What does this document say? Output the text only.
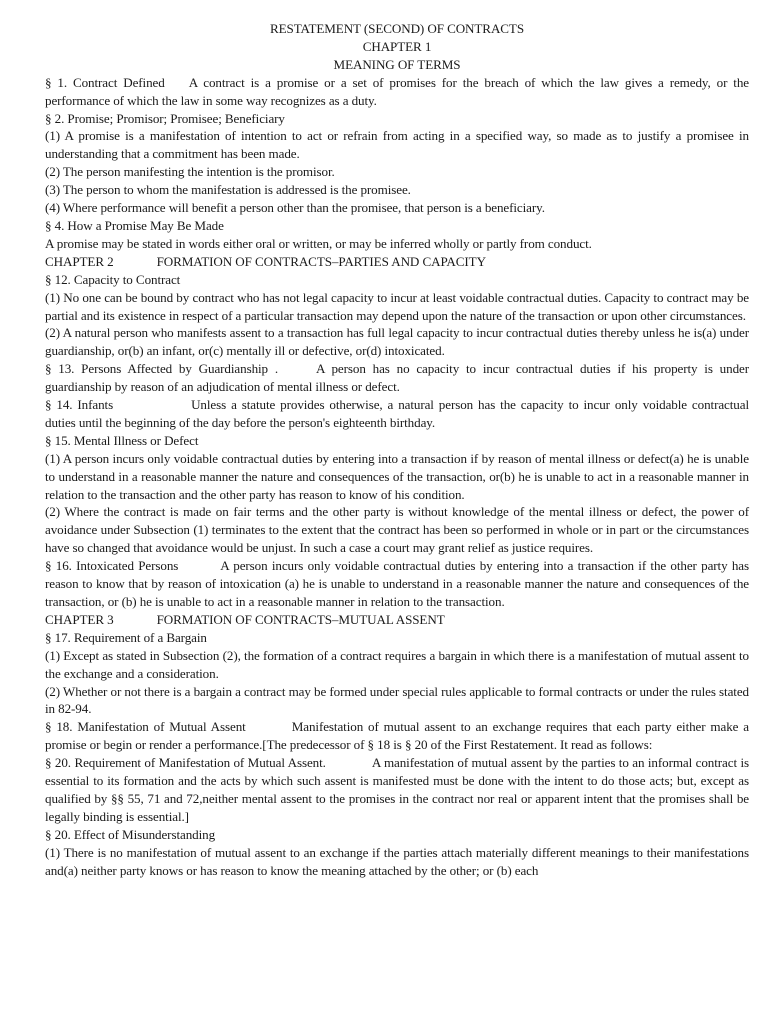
RESTATEMENT (SECOND) OF CONTRACTS

CHAPTER 1

MEANING OF TERMS

§ 1. Contract Defined A contract is a promise or a set of promises for the breach of which the law gives a remedy, or the performance of which the law in some way recognizes as a duty.

§ 2. Promise; Promisor; Promisee; Beneficiary

(1) A promise is a manifestation of intention to act or refrain from acting in a specified way, so made as to justify a promisee in understanding that a commitment has been made.

(2) The person manifesting the intention is the promisor.

(3) The person to whom the manifestation is addressed is the promisee.

(4) Where performance will benefit a person other than the promisee, that person is a beneficiary.

§ 4. How a Promise May Be Made

A promise may be stated in words either oral or written, or may be inferred wholly or partly from conduct.

CHAPTER 2	FORMATION OF CONTRACTS–PARTIES AND CAPACITY

§ 12. Capacity to Contract

(1) No one can be bound by contract who has not legal capacity to incur at least voidable contractual duties. Capacity to contract may be partial and its existence in respect of a particular transaction may depend upon the nature of the transaction or upon other circumstances.

(2) A natural person who manifests assent to a transaction has full legal capacity to incur contractual duties thereby unless he is(a) under guardianship, or(b) an infant, or(c) mentally ill or defective, or(d) intoxicated.

§ 13. Persons Affected by Guardianship .	A person has no capacity to incur contractual duties if his property is under guardianship by reason of an adjudication of mental illness or defect.

§ 14. Infants	Unless a statute provides otherwise, a natural person has the capacity to incur only voidable contractual duties until the beginning of the day before the person's eighteenth birthday.

§ 15. Mental Illness or Defect

(1) A person incurs only voidable contractual duties by entering into a transaction if by reason of mental illness or defect(a) he is unable to understand in a reasonable manner the nature and consequences of the transaction, or(b) he is unable to act in a reasonable manner in relation to the transaction and the other party has reason to know of his condition.

(2) Where the contract is made on fair terms and the other party is without knowledge of the mental illness or defect, the power of avoidance under Subsection (1) terminates to the extent that the contract has been so performed in whole or in part or the circumstances have so changed that avoidance would be unjust. In such a case a court may grant relief as justice requires.

§ 16. Intoxicated Persons	A person incurs only voidable contractual duties by entering into a transaction if the other party has reason to know that by reason of intoxication (a) he is unable to understand in a reasonable manner the nature and consequences of the transaction, or (b) he is unable to act in a reasonable manner in relation to the transaction.

CHAPTER 3	FORMATION OF CONTRACTS–MUTUAL ASSENT

§ 17. Requirement of a Bargain

(1) Except as stated in Subsection (2), the formation of a contract requires a bargain in which there is a manifestation of mutual assent to the exchange and a consideration.

(2) Whether or not there is a bargain a contract may be formed under special rules applicable to formal contracts or under the rules stated in 82-94.

§ 18. Manifestation of Mutual Assent	Manifestation of mutual assent to an exchange requires that each party either make a promise or begin or render a performance.[The predecessor of § 18 is § 20 of the First Restatement. It read as follows:

§ 20. Requirement of Manifestation of Mutual Assent.	A manifestation of mutual assent by the parties to an informal contract is essential to its formation and the acts by which such assent is manifested must be done with the intent to do those acts; but, except as qualified by §§ 55, 71 and 72,neither mental assent to the promises in the contract nor real or apparent intent that the promises shall be legally binding is essential.]

§ 20. Effect of Misunderstanding

(1) There is no manifestation of mutual assent to an exchange if the parties attach materially different meanings to their manifestations and(a) neither party knows or has reason to know the meaning attached by the other; or (b) each
